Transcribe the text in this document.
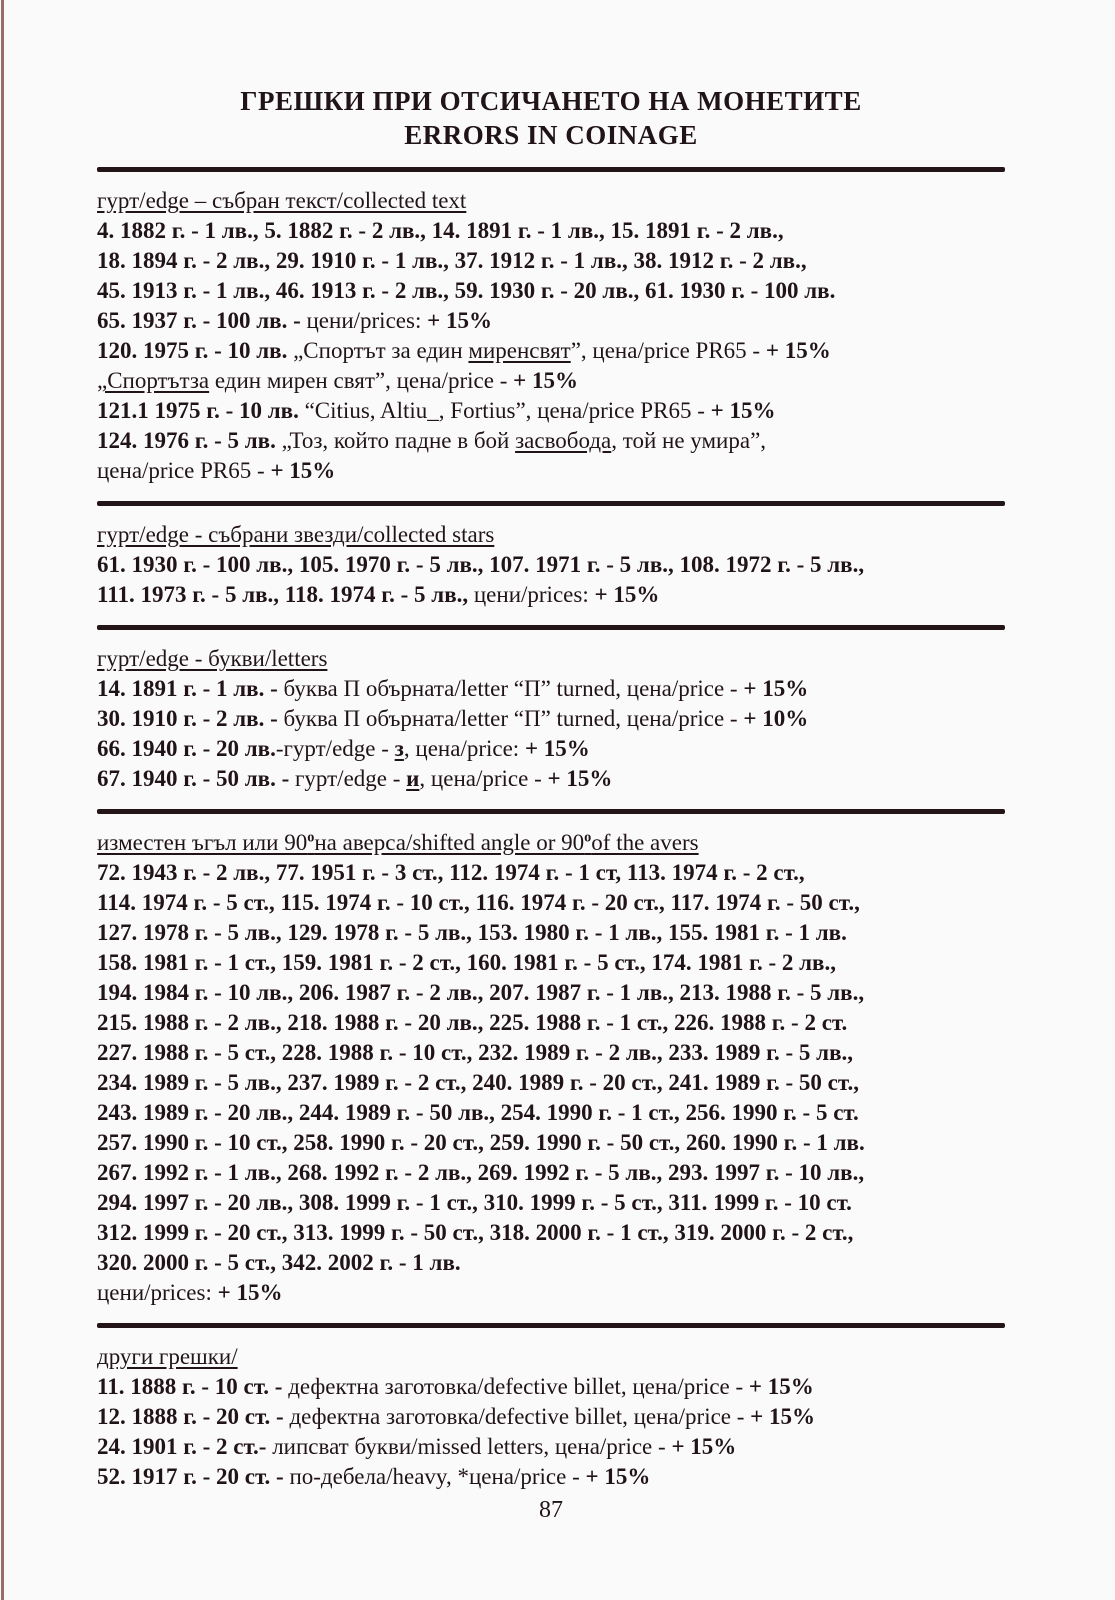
ГРЕШКИ ПРИ ОТСИЧАНЕТО НА МОНЕТИТЕ
ERRORS IN COINAGE
гурт/edge – събран текст/collected text
4. 1882 г. - 1 лв., 5. 1882 г. - 2 лв., 14. 1891 г. - 1 лв., 15. 1891 г. - 2 лв.,
18. 1894 г. - 2 лв., 29. 1910 г. - 1 лв., 37. 1912 г. - 1 лв., 38. 1912 г. - 2 лв.,
45. 1913 г. - 1 лв., 46. 1913 г. - 2 лв., 59. 1930 г. - 20 лв., 61. 1930 г. - 100 лв.
65. 1937 г. - 100 лв. - цени/prices: + 15%
120. 1975 г. - 10 лв. „Спортът за един миренсвят”, цена/price PR65 - + 15%
„Спортътза един мирен свят”, цена/price - + 15%
121.1 1975 г. - 10 лв. “Citius, Altiu_, Fortius”, цена/price PR65 - + 15%
124. 1976 г. - 5 лв. „Тоз, който падне в бой засвобода, той не умира”,
цена/price PR65 - + 15%
гурт/edge - събрани звезди/collected stars
61. 1930 г. - 100 лв., 105. 1970 г. - 5 лв., 107. 1971 г. - 5 лв., 108. 1972 г. - 5 лв.,
111. 1973 г. - 5 лв., 118. 1974 г. - 5 лв., цени/prices: + 15%
гурт/edge - букви/letters
14. 1891 г. - 1 лв. - буква П обърната/letter “П” turned, цена/price - + 15%
30. 1910 г. - 2 лв. - буква П обърната/letter “П” turned, цена/price - + 10%
66. 1940 г. - 20 лв.-гурт/edge - з, цена/price: + 15%
67. 1940 г. - 50 лв. - гурт/edge - и, цена/price - + 15%
изместен ъгъл или $90^она$ аверса/shifted angle or $90^оof$ the avers
72. 1943 г. - 2 лв., 77. 1951 г. - 3 ст., 112. 1974 г. - 1 ст, 113. 1974 г. - 2 ст.,
114. 1974 г. - 5 ст., 115. 1974 г. - 10 ст., 116. 1974 г. - 20 ст., 117. 1974 г. - 50 ст.,
127. 1978 г. - 5 лв., 129. 1978 г. - 5 лв., 153. 1980 г. - 1 лв., 155. 1981 г. - 1 лв.
158. 1981 г. - 1 ст., 159. 1981 г. - 2 ст., 160. 1981 г. - 5 ст., 174. 1981 г. - 2 лв.,
194. 1984 г. - 10 лв., 206. 1987 г. - 2 лв., 207. 1987 г. - 1 лв., 213. 1988 г. - 5 лв.,
215. 1988 г. - 2 лв., 218. 1988 г. - 20 лв., 225. 1988 г. - 1 ст., 226. 1988 г. - 2 ст.
227. 1988 г. - 5 ст., 228. 1988 г. - 10 ст., 232. 1989 г. - 2 лв., 233. 1989 г. - 5 лв.,
234. 1989 г. - 5 лв., 237. 1989 г. - 2 ст., 240. 1989 г. - 20 ст., 241. 1989 г. - 50 ст.,
243. 1989 г. - 20 лв., 244. 1989 г. - 50 лв., 254. 1990 г. - 1 ст., 256. 1990 г. - 5 ст.
257. 1990 г. - 10 ст., 258. 1990 г. - 20 ст., 259. 1990 г. - 50 ст., 260. 1990 г. - 1 лв.
267. 1992 г. - 1 лв., 268. 1992 г. - 2 лв., 269. 1992 г. - 5 лв., 293. 1997 г. - 10 лв.,
294. 1997 г. - 20 лв., 308. 1999 г. - 1 ст., 310. 1999 г. - 5 ст., 311. 1999 г. - 10 ст.
312. 1999 г. - 20 ст., 313. 1999 г. - 50 ст., 318. 2000 г. - 1 ст., 319. 2000 г. - 2 ст.,
320. 2000 г. - 5 ст., 342. 2002 г. - 1 лв.
цени/prices: + 15%
други грешки/
11. 1888 г. - 10 ст. - дефектна заготовка/defective billet, цена/price - + 15%
12. 1888 г. - 20 ст. - дефектна заготовка/defective billet, цена/price - + 15%
24. 1901 г. - 2 ст.- липсват букви/missed letters, цена/price - + 15%
52. 1917 г. - 20 ст. - по-дебела/heavy, *цена/price - + 15%
87
